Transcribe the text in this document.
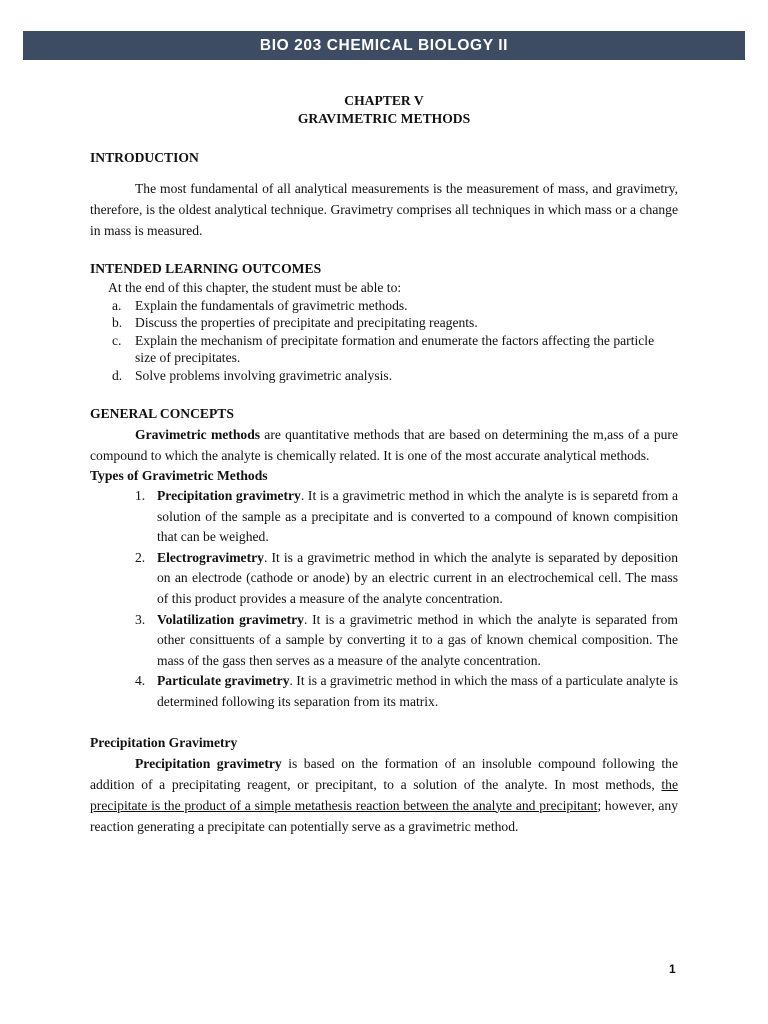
BIO 203 CHEMICAL BIOLOGY II

CHAPTER V

GRAVIMETRIC METHODS

INTRODUCTION

The most fundamental of all analytical measurements is the measurement of mass, and gravimetry, therefore, is the oldest analytical technique. Gravimetry comprises all techniques in which mass or a change in mass is measured.

INTENDED LEARNING OUTCOMES

At the end of this chapter, the student must be able to:

a. Explain the fundamentals of gravimetric methods.
b. Discuss the properties of precipitate and precipitating reagents.
c. Explain the mechanism of precipitate formation and enumerate the factors affecting the particle size of precipitates.
d. Solve problems involving gravimetric analysis.
GENERAL CONCEPTS

Gravimetric methods are quantitative methods that are based on determining the m,ass of a pure compound to which the analyte is chemically related. It is one of the most accurate analytical methods.

Types of Gravimetric Methods

1. Precipitation gravimetry. It is a gravimetric method in which the analyte is is separetd from a solution of the sample as a precipitate and is converted to a compound of known compisition that can be weighed.
2. Electrogravimetry. It is a gravimetric method in which the analyte is separated by deposition on an electrode (cathode or anode) by an electric current in an electrochemical cell. The mass of this product provides a measure of the analyte concentration.
3. Volatilization gravimetry. It is a gravimetric method in which the analyte is separated from other consittuents of a sample by converting it to a gas of known chemical composition. The mass of the gass then serves as a measure of the analyte concentration.
4. Particulate gravimetry. It is a gravimetric method in which the mass of a particulate analyte is determined following its separation from its matrix.

Precipitation Gravimetry

Precipitation gravimetry is based on the formation of an insoluble compound following the addition of a precipitating reagent, or precipitant, to a solution of the analyte. In most methods, the precipitate is the product of a simple metathesis reaction between the analyte and precipitant; however, any reaction generating a precipitate can potentially serve as a gravimetric method.

1
